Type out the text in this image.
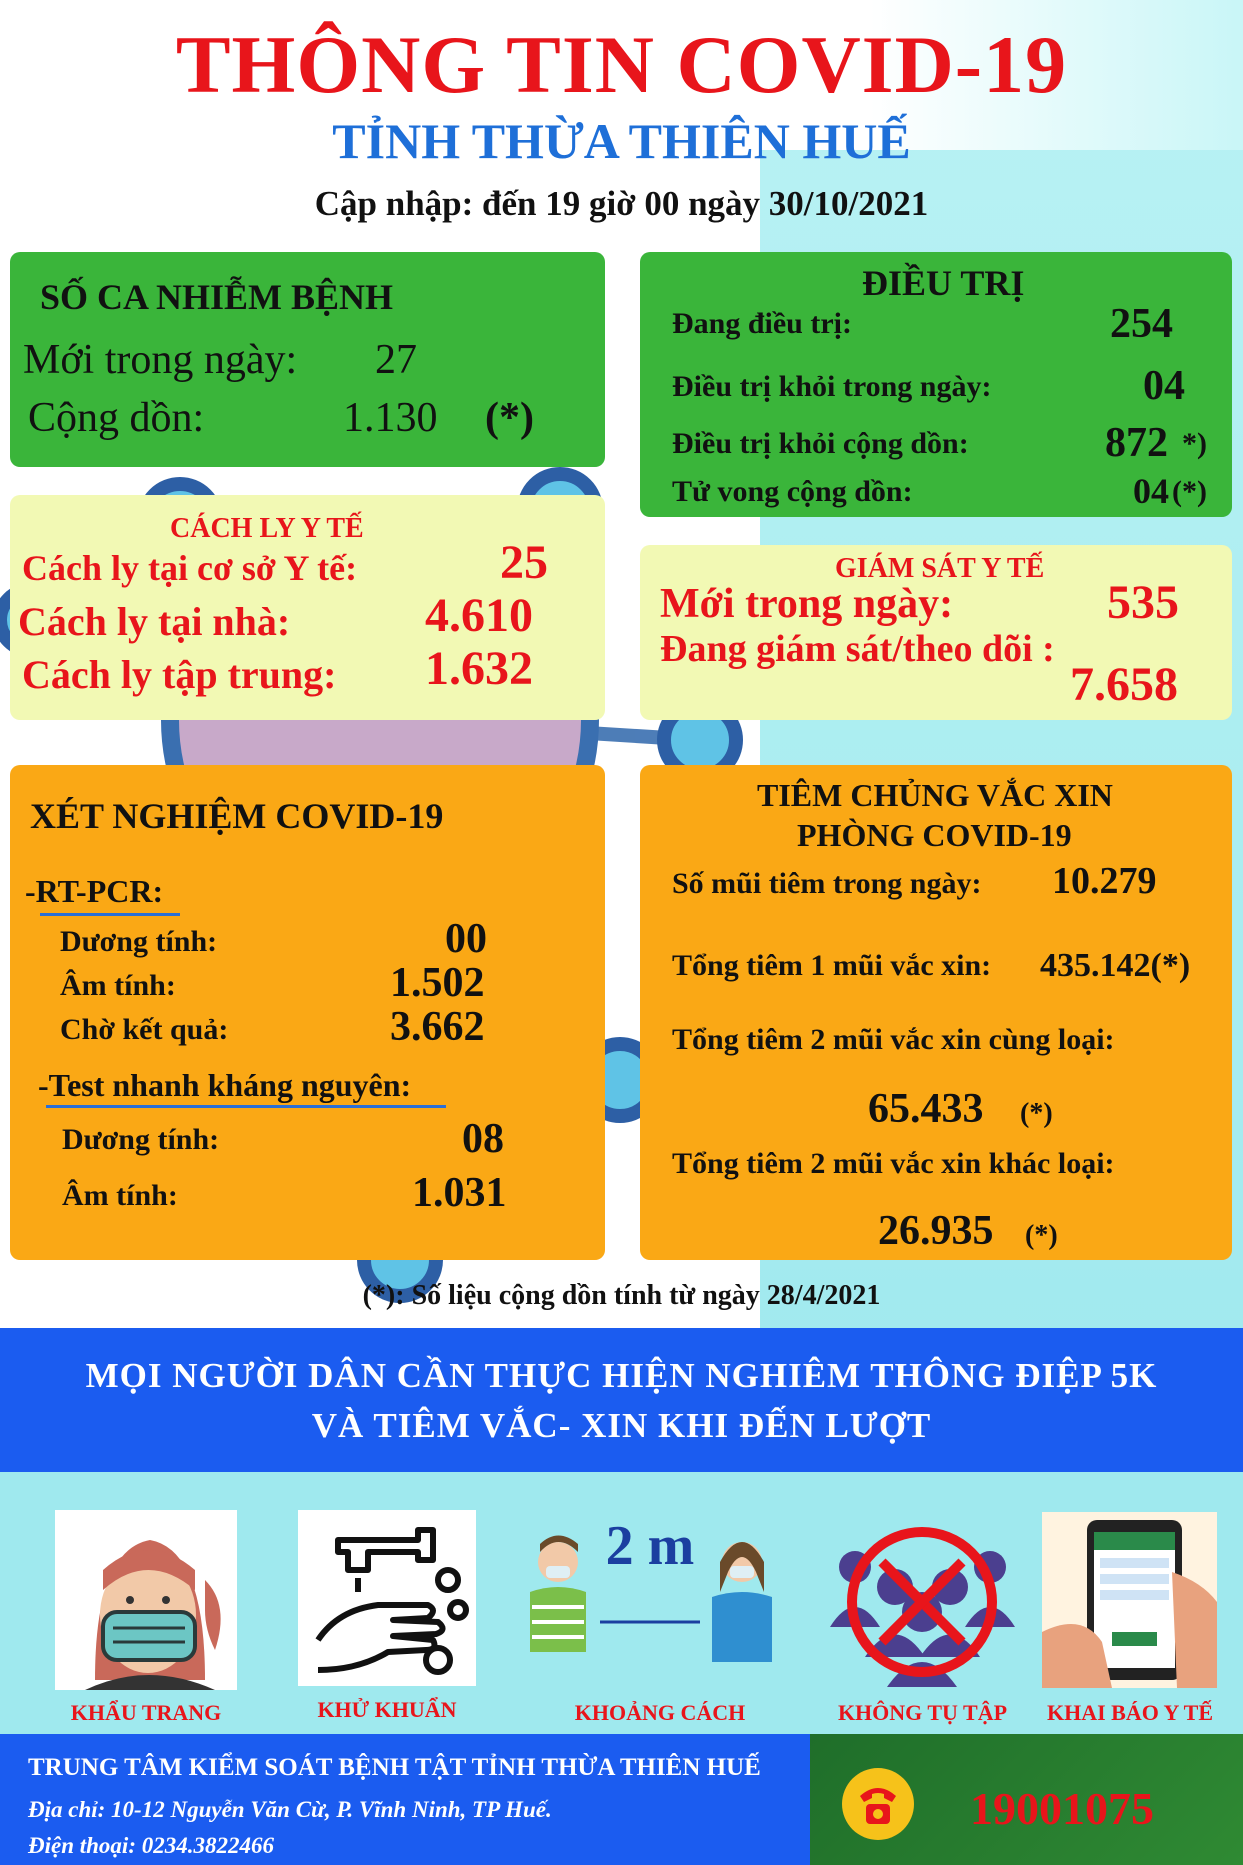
THÔNG TIN COVID-19
TỈNH THỪA THIÊN HUẾ
Cập nhập: đến 19 giờ 00 ngày 30/10/2021
SỐ CA NHIỄM BỆNH
Mới trong ngày: 27
Cộng dồn:	1.130 (*)
ĐIỀU TRỊ
Đang điều trị:	254
Điều trị khỏi trong ngày:	04
Điều trị khỏi cộng dồn:	872 *)
Tử vong cộng dồn:	04 (*)
CÁCH LY Y TẾ
Cách ly tại cơ sở Y tế:	25
Cách ly tại nhà:	4.610
Cách ly tập trung: 1.632
GIÁM SÁT Y TẾ
Mới trong ngày:	535
Đang giám sát/theo dõi :
7.658
XÉT NGHIỆM COVID-19
-RT-PCR:
Dương tính:	00
Âm tính:	1.502
Chờ kết quả:	3.662
-Test nhanh kháng nguyên:
Dương tính:	08
Âm tính:	1.031
TIÊM CHỦNG VẮC XIN
PHÒNG COVID-19
Số mũi tiêm trong ngày: 10.279
Tổng tiêm 1 mũi vắc xin: 435.142(*)
Tổng tiêm 2 mũi vắc xin cùng loại:
65.433 (*)
Tổng tiêm 2 mũi vắc xin khác loại:
26.935 (*)
(*): Số liệu cộng dồn tính từ ngày 28/4/2021
MỌI NGƯỜI DÂN CẦN THỰC HIỆN NGHIÊM THÔNG ĐIỆP 5K
VÀ TIÊM VẮC- XIN KHI ĐẾN LƯỢT
KHẨU TRANG	KHỬ KHUẨN
2 m
KHOẢNG CÁCH	KHÔNG TỤ TẬP	KHAI BÁO Y TẾ
TRUNG TÂM KIỂM SOÁT BỆNH TẬT TỈNH THỪA THIÊN HUẾ
Địa chỉ: 10-12 Nguyễn Văn Cừ, P. Vĩnh Ninh, TP Huế.
Điện thoại: 0234.3822466
19001075
